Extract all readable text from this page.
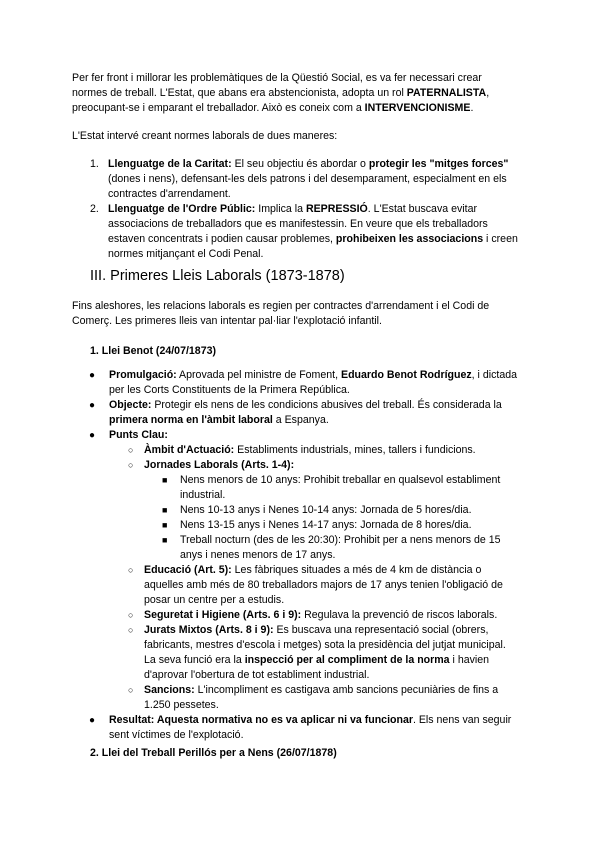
Per fer front i millorar les problemàtiques de la Qüestió Social, es va fer necessari crear normes de treball. L'Estat, que abans era abstencionista, adopta un rol PATERNALISTA, preocupant-se i emparant el treballador. Això es coneix com a INTERVENCIONISME.

L'Estat intervé creant normes laborals de dues maneres:

1. Llenguatge de la Caritat: El seu objectiu és abordar o protegir les "mitges forces" (dones i nens), defensant-les dels patrons i del desemparament, especialment en els contractes d'arrendament.
2. Llenguatge de l'Ordre Públic: Implica la REPRESSIÓ. L'Estat buscava evitar associacions de treballadors que es manifestessin. En veure que els treballadors estaven concentrats i podien causar problemes, prohibeixen les associacions i creen normes mitjançant el Codi Penal.
III. Primeres Lleis Laborals (1873-1878)

Fins aleshores, les relacions laborals es regien per contractes d'arrendament i el Codi de Comerç. Les primeres lleis van intentar pal·liar l'explotació infantil.

1. Llei Benot (24/07/1873)
● Promulgació: Aprovada pel ministre de Foment, Eduardo Benot Rodríguez, i dictada per les Corts Constituents de la Primera República.
● Objecte: Protegir els nens de les condicions abusives del treball. És considerada la primera norma en l'àmbit laboral a Espanya.
● Punts Clau:
○ Àmbit d'Actuació: Establiments industrials, mines, tallers i fundicions.
○ Jornades Laborals (Arts. 1-4):
■ Nens menors de 10 anys: Prohibit treballar en qualsevol establiment industrial.
■ Nens 10-13 anys i Nenes 10-14 anys: Jornada de 5 hores/dia.
■ Nens 13-15 anys i Nenes 14-17 anys: Jornada de 8 hores/dia.
■ Treball nocturn (des de les 20:30): Prohibit per a nens menors de 15 anys i nenes menors de 17 anys.
○ Educació (Art. 5): Les fàbriques situades a més de 4 km de distància o aquelles amb més de 80 treballadors majors de 17 anys tenien l'obligació de posar un centre per a estudis.
○ Seguretat i Higiene (Arts. 6 i 9): Regulava la prevenció de riscos laborals.
○ Jurats Mixtos (Arts. 8 i 9): Es buscava una representació social (obrers, fabricants, mestres d'escola i metges) sota la presidència del jutjat municipal. La seva funció era la inspecció per al compliment de la norma i havien d'aprovar l'obertura de tot establiment industrial.
○ Sancions: L'incompliment es castigava amb sancions pecuniàries de fins a 1.250 pessetes.
● Resultat: Aquesta normativa no es va aplicar ni va funcionar. Els nens van seguir sent víctimes de l'explotació.
2. Llei del Treball Perillós per a Nens (26/07/1878)
